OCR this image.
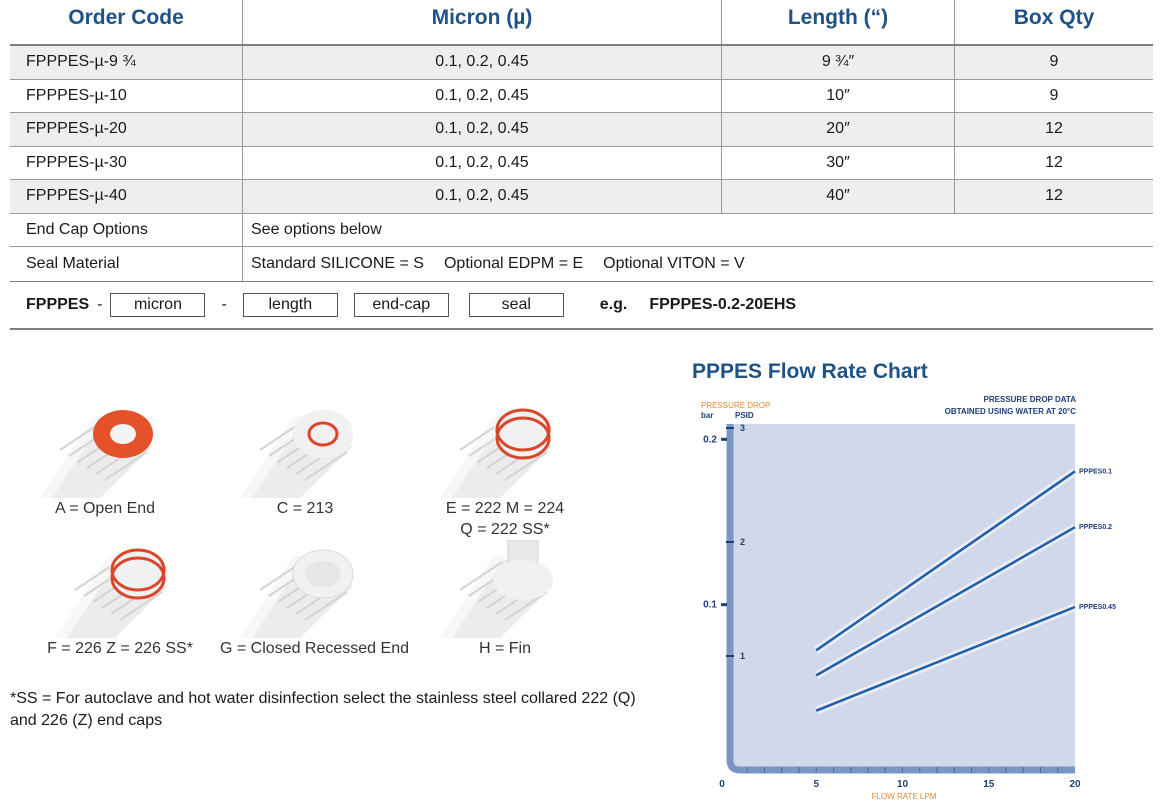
Order Code	Micron (µ)	Length (“)	Box Qty
FPPPES-µ-9 ¾	0.1, 0.2, 0.45	9 ¾″	9
FPPPES-µ-10	0.1, 0.2, 0.45	10″	9
FPPPES-µ-20	0.1, 0.2, 0.45	20″	12
FPPPES-µ-30	0.1, 0.2, 0.45	30″	12
FPPPES-µ-40	0.1, 0.2, 0.45	40″	12
End Cap Options	See options below
Seal Material	Standard SILICONE = S Optional EDPM = E Optional VITON = V
FPPPES -	micron	-	length	end-cap	seal	e.g. FPPPES-0.2-20EHS
A = Open End	C = 213	E = 222 M = 224
Q = 222 SS*
F = 226 Z = 226 SS*	G = Closed Recessed End	H = Fin
*SS = For autoclave and hot water disinfection select the stainless steel collared 222 (Q) and 226 (Z) end caps
PPPES Flow Rate Chart
0	5	10	15	20
1
2
3
0.1
0.2
PPPES0.1
PPPES0.2
PPPES0.45
PRESSURE DROP
bar	PSID
PRESSURE DROP DATA
OBTAINED USING WATER AT 20°C
FLOW RATE LPM
